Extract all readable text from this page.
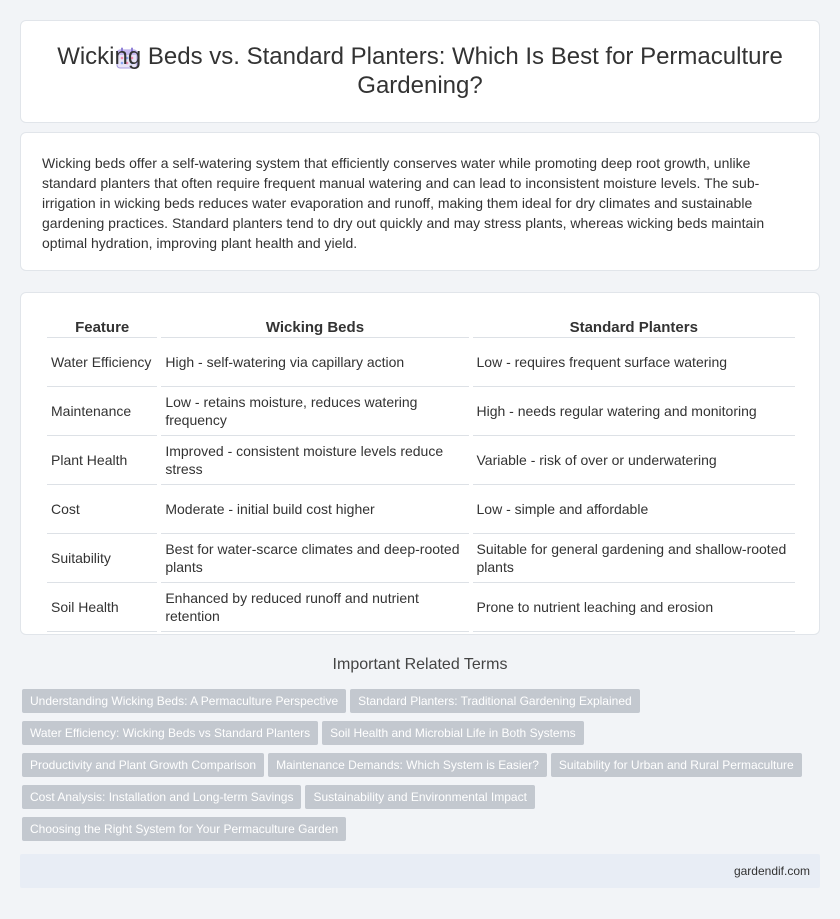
Wicking Beds vs. Standard Planters: Which Is Best for Permaculture Gardening?

Wicking beds offer a self-watering system that efficiently conserves water while promoting deep root growth, unlike standard planters that often require frequent manual watering and can lead to inconsistent moisture levels. The sub-irrigation in wicking beds reduces water evaporation and runoff, making them ideal for dry climates and sustainable gardening practices. Standard planters tend to dry out quickly and may stress plants, whereas wicking beds maintain optimal hydration, improving plant health and yield.

Feature	Wicking Beds	Standard Planters
Water Efficiency	High - self-watering via capillary action	Low - requires frequent surface watering
Maintenance	Low - retains moisture, reduces watering frequency	High - needs regular watering and monitoring
Plant Health	Improved - consistent moisture levels reduce stress	Variable - risk of over or underwatering
Cost	Moderate - initial build cost higher	Low - simple and affordable
Suitability	Best for water-scarce climates and deep-rooted plants	Suitable for general gardening and shallow-rooted plants
Soil Health	Enhanced by reduced runoff and nutrient retention	Prone to nutrient leaching and erosion
Important Related Terms
Understanding Wicking Beds: A Permaculture Perspective Standard Planters: Traditional Gardening Explained
Water Efficiency: Wicking Beds vs Standard Planters Soil Health and Microbial Life in Both Systems
Productivity and Plant Growth Comparison Maintenance Demands: Which System is Easier? Suitability for Urban and Rural Permaculture
Cost Analysis: Installation and Long-term Savings Sustainability and Environmental Impact
Choosing the Right System for Your Permaculture Garden
gardendif.com
